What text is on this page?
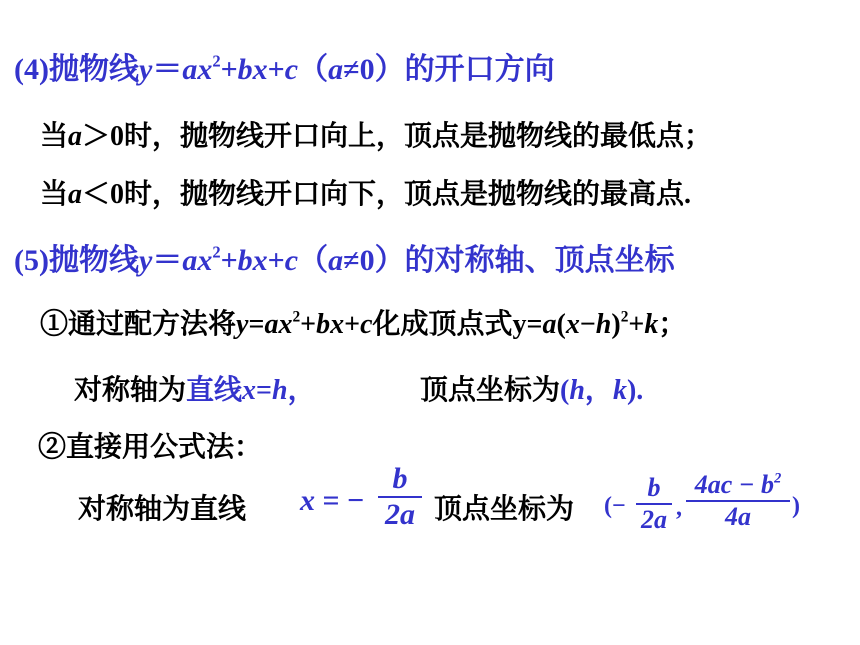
(4)抛物线$y=ax^2+bx+c(a\ne 0)$的开口方向
当a＞0时，抛物线开口向上，顶点是抛物线的最低点；
当a＜0时，抛物线开口向下，顶点是抛物线的最高点.
(5)抛物线$y=ax^2+bx+c(a\ne 0)$的对称轴、顶点坐标
①通过配方法将$y=ax^2+bx+c$化成顶点式$y=a(x-h)^2+k$；
对称轴为直线x=h，	顶点坐标为(h，k).
②直接用公式法：
对称轴为直线 x = −
b
2a 顶点坐标为 (−
b
2a ,
$4ac - b^2$
4a	)
